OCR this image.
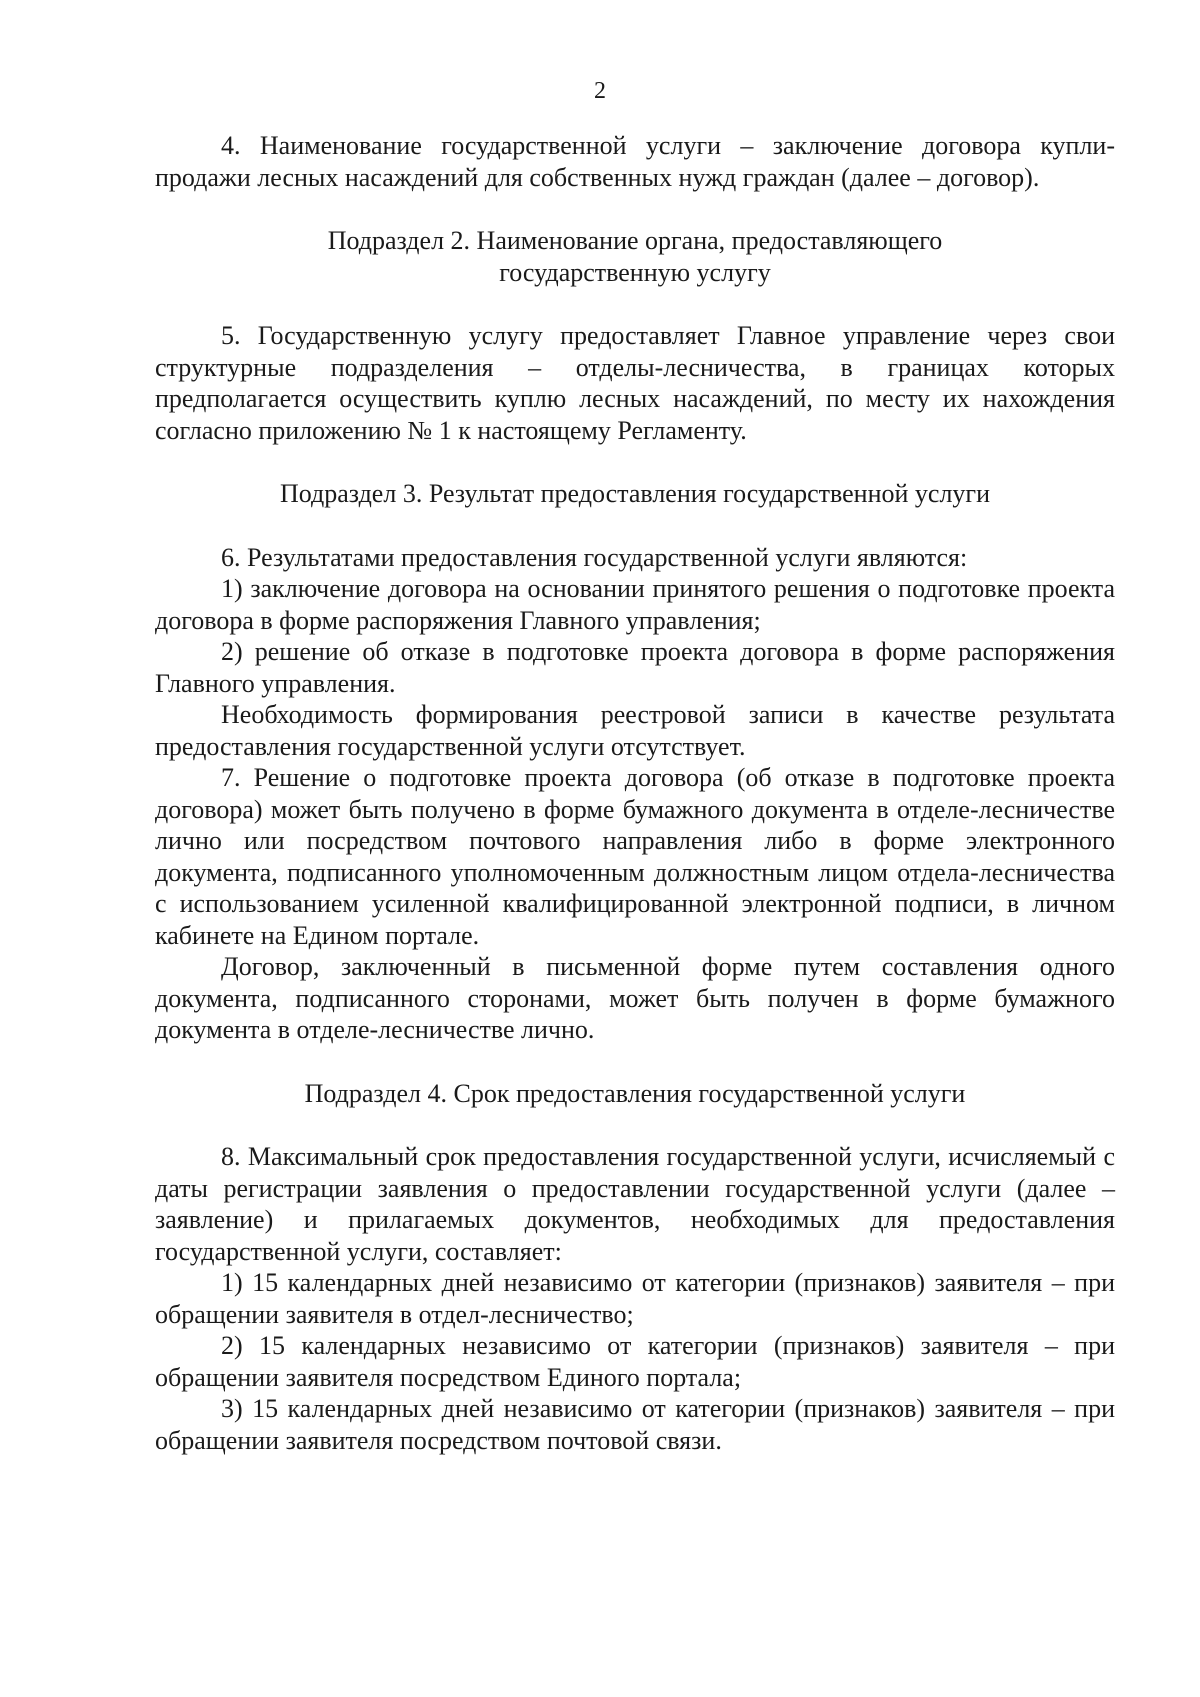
2

4. Наименование государственной услуги – заключение договора купли-продажи лесных насаждений для собственных нужд граждан (далее – договор).

Подраздел 2. Наименование органа, предоставляющего
государственную услугу

5. Государственную услугу предоставляет Главное управление через свои структурные подразделения – отделы-лесничества, в границах которых предполагается осуществить куплю лесных насаждений, по месту их нахождения согласно приложению № 1 к настоящему Регламенту.

Подраздел 3. Результат предоставления государственной услуги

6. Результатами предоставления государственной услуги являются:

1) заключение договора на основании принятого решения о подготовке проекта договора в форме распоряжения Главного управления;

2) решение об отказе в подготовке проекта договора в форме распоряжения Главного управления.

Необходимость формирования реестровой записи в качестве результата предоставления государственной услуги отсутствует.

7. Решение о подготовке проекта договора (об отказе в подготовке проекта договора) может быть получено в форме бумажного документа в отделе-лесничестве лично или посредством почтового направления либо в форме электронного документа, подписанного уполномоченным должностным лицом отдела-лесничества с использованием усиленной квалифицированной электронной подписи, в личном кабинете на Едином портале.

Договор, заключенный в письменной форме путем составления одного документа, подписанного сторонами, может быть получен в форме бумажного документа в отделе-лесничестве лично.

Подраздел 4. Срок предоставления государственной услуги

8. Максимальный срок предоставления государственной услуги, исчисляемый с даты регистрации заявления о предоставлении государственной услуги (далее – заявление) и прилагаемых документов, необходимых для предоставления государственной услуги, составляет:

1) 15 календарных дней независимо от категории (признаков) заявителя – при обращении заявителя в отдел-лесничество;

2) 15 календарных независимо от категории (признаков) заявителя – при обращении заявителя посредством Единого портала;

3) 15 календарных дней независимо от категории (признаков) заявителя – при обращении заявителя посредством почтовой связи.
